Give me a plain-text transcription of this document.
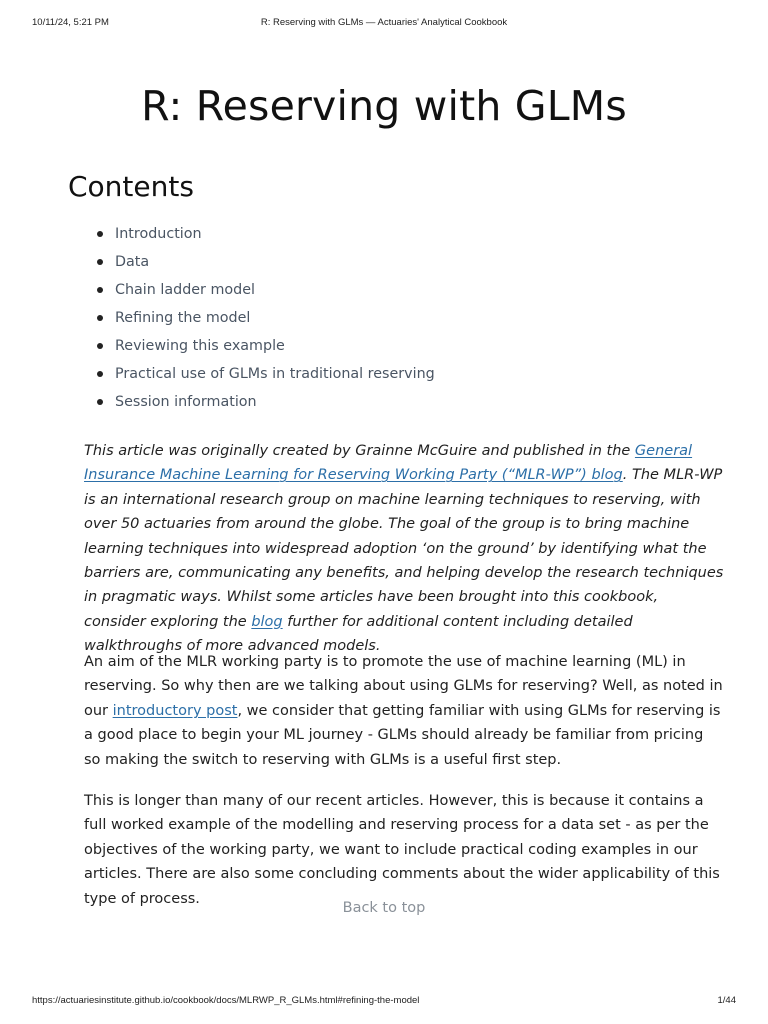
10/11/24, 5:21 PM	R: Reserving with GLMs — Actuaries' Analytical Cookbook
R: Reserving with GLMs
Contents
Introduction
Data
Chain ladder model
Refining the model
Reviewing this example
Practical use of GLMs in traditional reserving
Session information

This article was originally created by Grainne McGuire and published in the General Insurance Machine Learning for Reserving Working Party (“MLR-WP”) blog. The MLR-WP is an international research group on machine learning techniques to reserving, with over 50 actuaries from around the globe. The goal of the group is to bring machine learning techniques into widespread adoption ‘on the ground’ by identifying what the barriers are, communicating any benefits, and helping develop the research techniques in pragmatic ways. Whilst some articles have been brought into this cookbook, consider exploring the blog further for additional content including detailed walkthroughs of more advanced models.

An aim of the MLR working party is to promote the use of machine learning (ML) in reserving. So why then are we talking about using GLMs for reserving? Well, as noted in our introductory post, we consider that getting familiar with using GLMs for reserving is a good place to begin your ML journey - GLMs should already be familiar from pricing so making the switch to reserving with GLMs is a useful first step.

This is longer than many of our recent articles. However, this is because it contains a full worked example of the modelling and reserving process for a data set - as per the objectives of the working party, we want to include practical coding examples in our articles. There are also some concluding comments about the wider applicability of this type of process.

Back to top
https://actuariesinstitute.github.io/cookbook/docs/MLRWP_R_GLMs.html#refining-the-model	1/44
